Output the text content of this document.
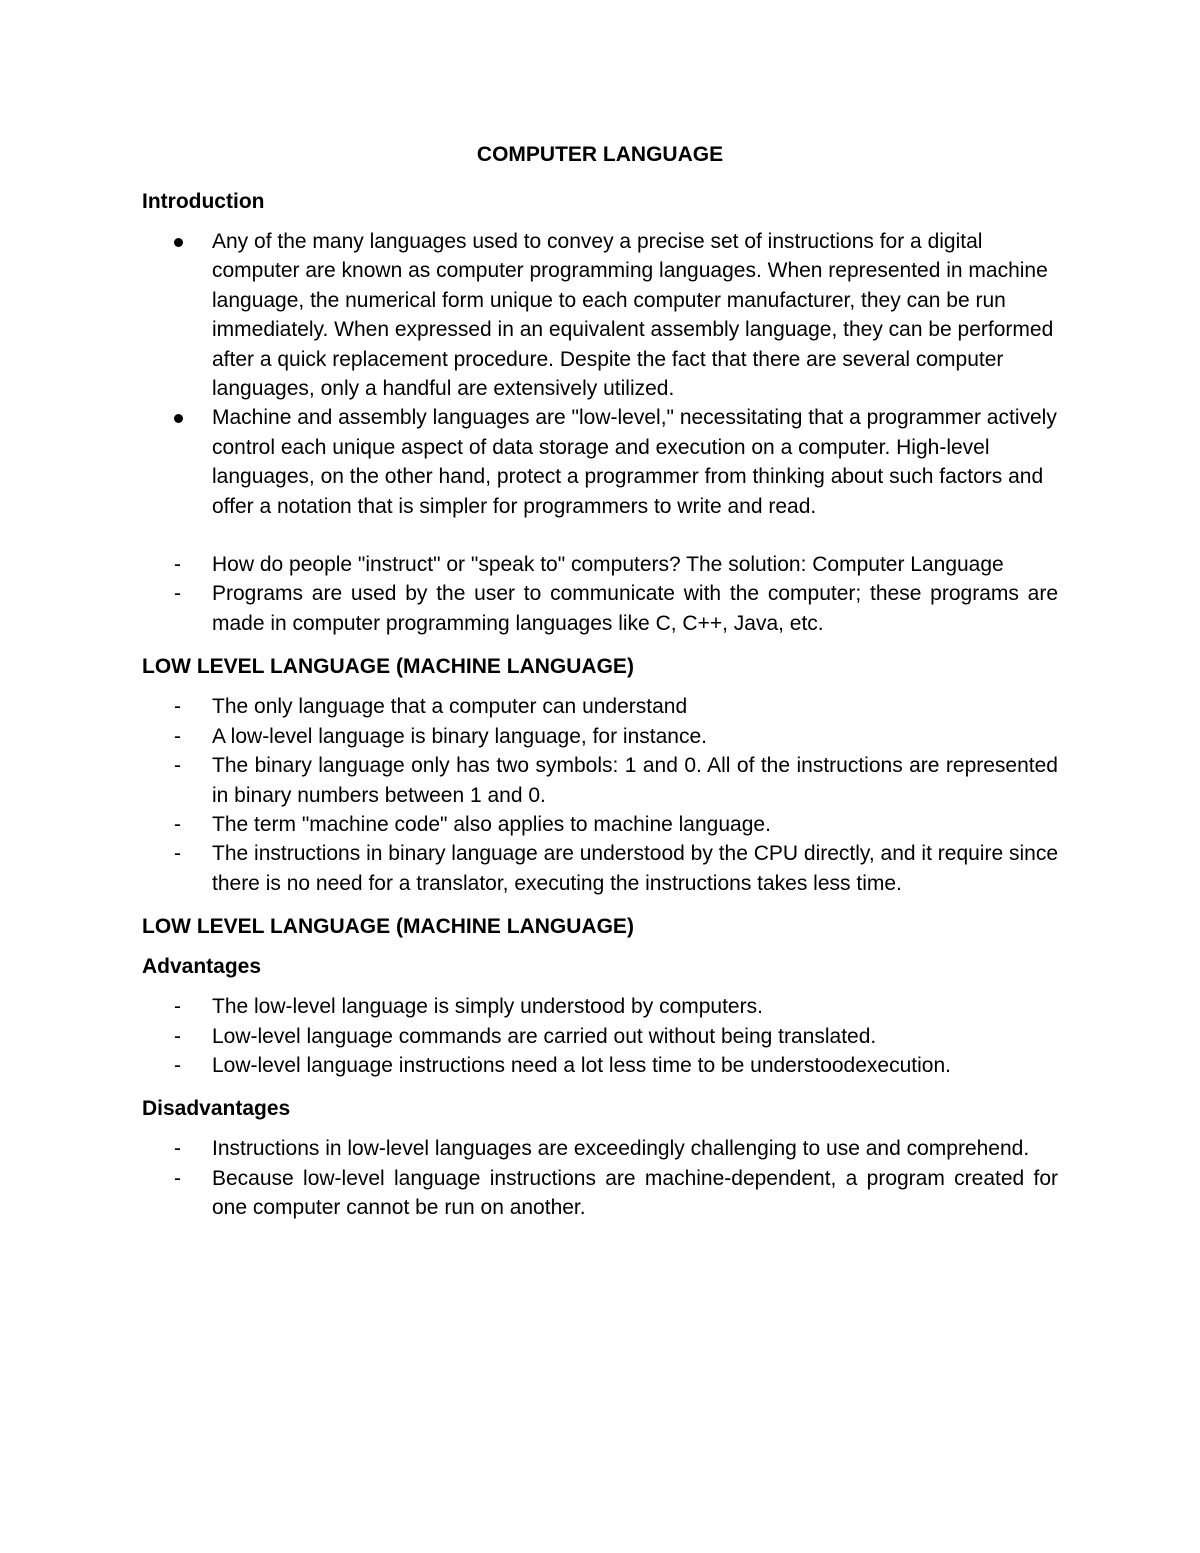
COMPUTER LANGUAGE
Introduction
Any of the many languages used to convey a precise set of instructions for a digital computer are known as computer programming languages. When represented in machine language, the numerical form unique to each computer manufacturer, they can be run immediately. When expressed in an equivalent assembly language, they can be performed after a quick replacement procedure. Despite the fact that there are several computer languages, only a handful are extensively utilized.
Machine and assembly languages are "low-level," necessitating that a programmer actively control each unique aspect of data storage and execution on a computer. High-level languages, on the other hand, protect a programmer from thinking about such factors and offer a notation that is simpler for programmers to write and read.
-	How do people "instruct" or "speak to" computers? The solution: Computer Language
-	Programs are used by the user to communicate with the computer; these programs are made in computer programming languages like C, C++, Java, etc.
LOW LEVEL LANGUAGE (MACHINE LANGUAGE)
-	The only language that a computer can understand
-	A low-level language is binary language, for instance.
-	The binary language only has two symbols: 1 and 0. All of the instructions are represented in binary numbers between 1 and 0.
-	The term "machine code" also applies to machine language.
-	The instructions in binary language are understood by the CPU directly, and it require since there is no need for a translator, executing the instructions takes less time.
LOW LEVEL LANGUAGE (MACHINE LANGUAGE)
Advantages
-	The low-level language is simply understood by computers.
-	Low-level language commands are carried out without being translated.
-	Low-level language instructions need a lot less time to be understoodexecution.
Disadvantages
-	Instructions in low-level languages are exceedingly challenging to use and comprehend.
-	Because low-level language instructions are machine-dependent, a program created for one computer cannot be run on another.
